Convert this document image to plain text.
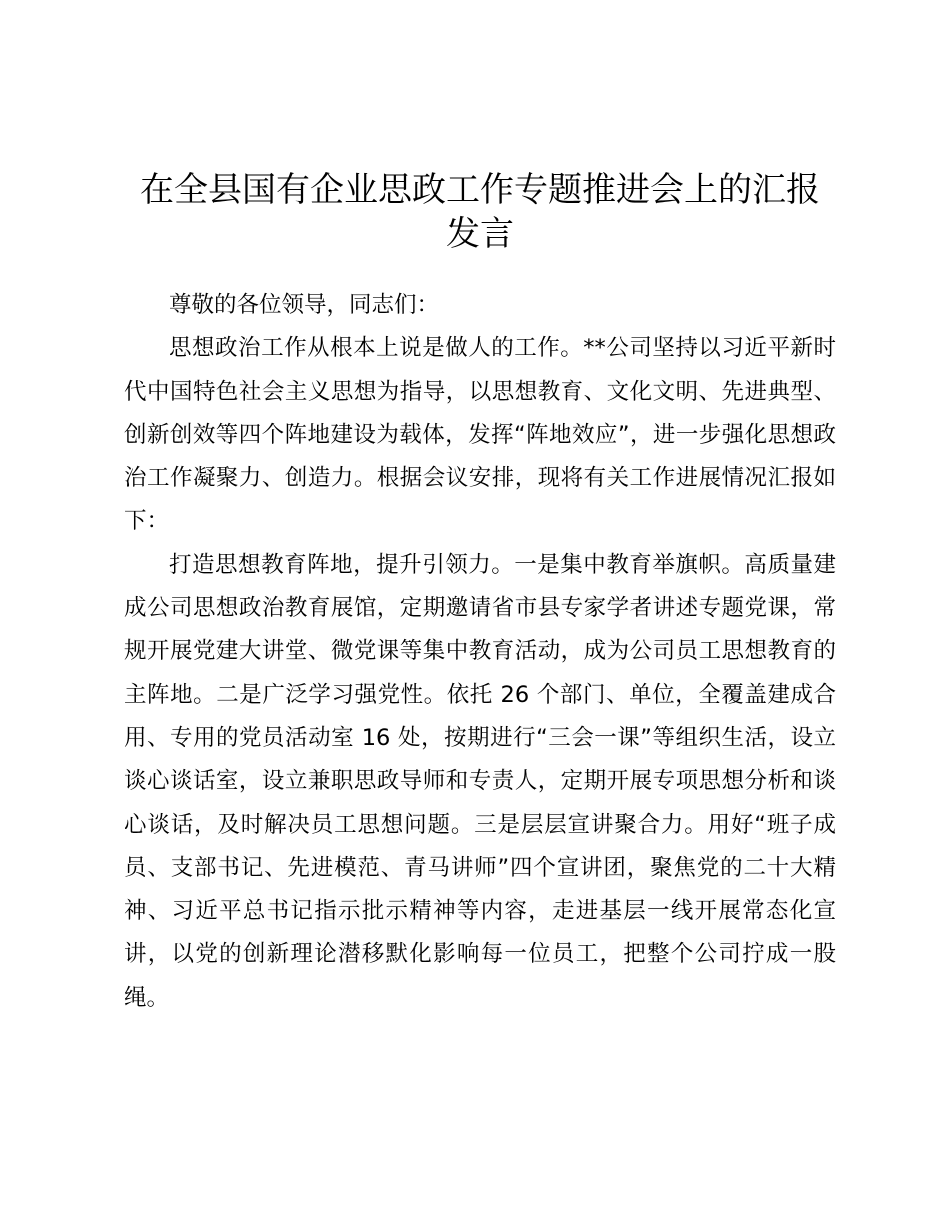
在全县国有企业思政工作专题推进会上的汇报发言

尊敬的各位领导，同志们：

思想政治工作从根本上说是做人的工作。**公司坚持以习近平新时代中国特色社会主义思想为指导，以思想教育、文化文明、先进典型、创新创效等四个阵地建设为载体，发挥“阵地效应”，进一步强化思想政治工作凝聚力、创造力。根据会议安排，现将有关工作进展情况汇报如下：

打造思想教育阵地，提升引领力。一是集中教育举旗帜。高质量建成公司思想政治教育展馆，定期邀请省市县专家学者讲述专题党课，常规开展党建大讲堂、微党课等集中教育活动，成为公司员工思想教育的主阵地。二是广泛学习强党性。依托 26 个部门、单位，全覆盖建成合用、专用的党员活动室 16 处，按期进行“三会一课”等组织生活，设立谈心谈话室，设立兼职思政导师和专责人，定期开展专项思想分析和谈心谈话，及时解决员工思想问题。三是层层宣讲聚合力。用好“班子成员、支部书记、先进模范、青马讲师”四个宣讲团，聚焦党的二十大精神、习近平总书记指示批示精神等内容，走进基层一线开展常态化宣讲，以党的创新理论潜移默化影响每一位员工，把整个公司拧成一股绳。
